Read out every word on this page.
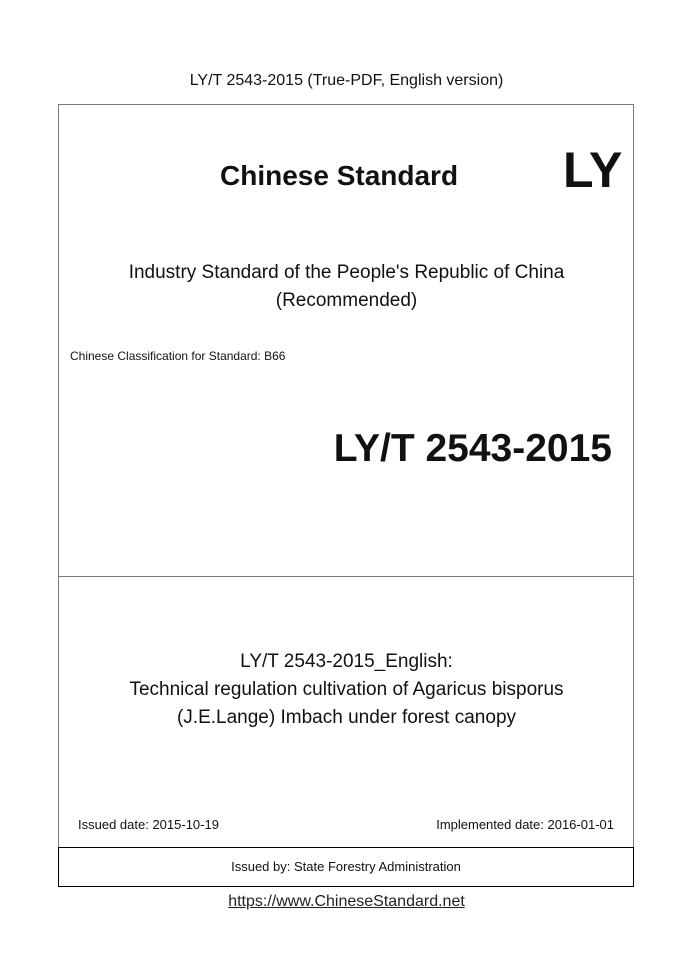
LY/T 2543-2015 (True-PDF, English version)
Chinese Standard LY
Industry Standard of the People's Republic of China
(Recommended)
Chinese Classification for Standard: B66
LY/T 2543-2015
LY/T 2543-2015_English:
Technical regulation cultivation of Agaricus bisporus
(J.E.Lange) Imbach under forest canopy
Issued date: 2015-10-19	Implemented date: 2016-01-01
Issued by: State Forestry Administration
https://www.ChineseStandard.net
